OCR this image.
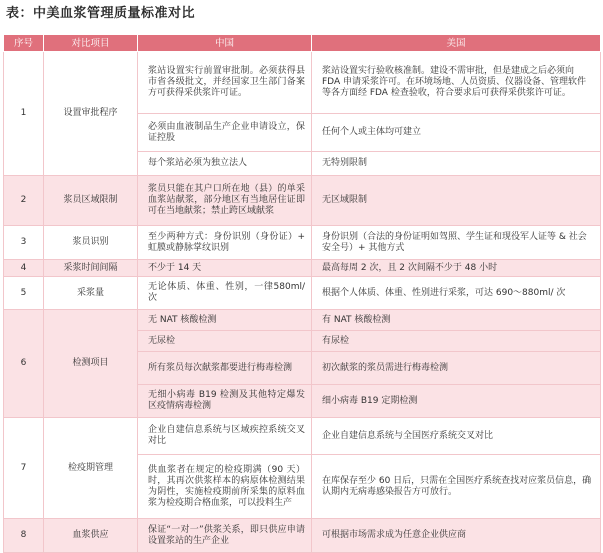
表：中美血浆管理质量标准对比
序号	对比项目	中国	美国
1	设置审批程序	浆站设置实行前置审批制。必须获得县市省各级批文，并经国家卫生部门备案方可获得采供浆许可证。	浆站设置实行验收核准制。建设不需审批，但是建成之后必须向 FDA 申请采浆许可。在环境场地、人员资质、仪器设备、管理软件等各方面经 FDA 检查验收，符合要求后可获得采供浆许可证。
		必须由血液制品生产企业申请设立，保证控股	任何个人或主体均可建立
		每个浆站必须为独立法人	无特别限制
2	浆员区域限制	浆员只能在其户口所在地（县）的单采血浆站献浆，部分地区有当地居住证即可在当地献浆；禁止跨区域献浆	无区域限制
3	浆员识别	至少两种方式：身份识别（身份证）+ 虹膜或静脉掌纹识别	身份识别（合法的身份证明如驾照、学生证和现役军人证等 & 社会安全号）+ 其他方式
4	采浆时间间隔	不少于 14 天	最高每周 2 次，且 2 次间隔不少于 48 小时
5	采浆量	无论体质、体重、性别，一律580ml/ 次	根据个人体质、体重、性别进行采浆，可达 690～880ml/ 次
6	检测项目	无 NAT 核酸检测	有 NAT 核酸检测
		无尿检	有尿检
		所有浆员每次献浆都要进行梅毒检测	初次献浆的浆员需进行梅毒检测
		无细小病毒 B19 检测及其他特定爆发区疫情病毒检测	细小病毒 B19 定期检测
7	检疫期管理	企业自建信息系统与区域疾控系统交叉对比	企业自建信息系统与全国医疗系统交叉对比
		供血浆者在规定的检疫期满（90 天）时，其再次供浆样本的病原体检测结果为阴性，实施检疫期前所采集的原料血浆为检疫期合格血浆，可以投料生产	在库保存至少 60 日后，只需在全国医疗系统查找对应浆员信息，确认期内无病毒感染报告方可放行。
8	血浆供应	保证“一对一”供浆关系，即只供应申请设置浆站的生产企业	可根据市场需求成为任意企业供应商
